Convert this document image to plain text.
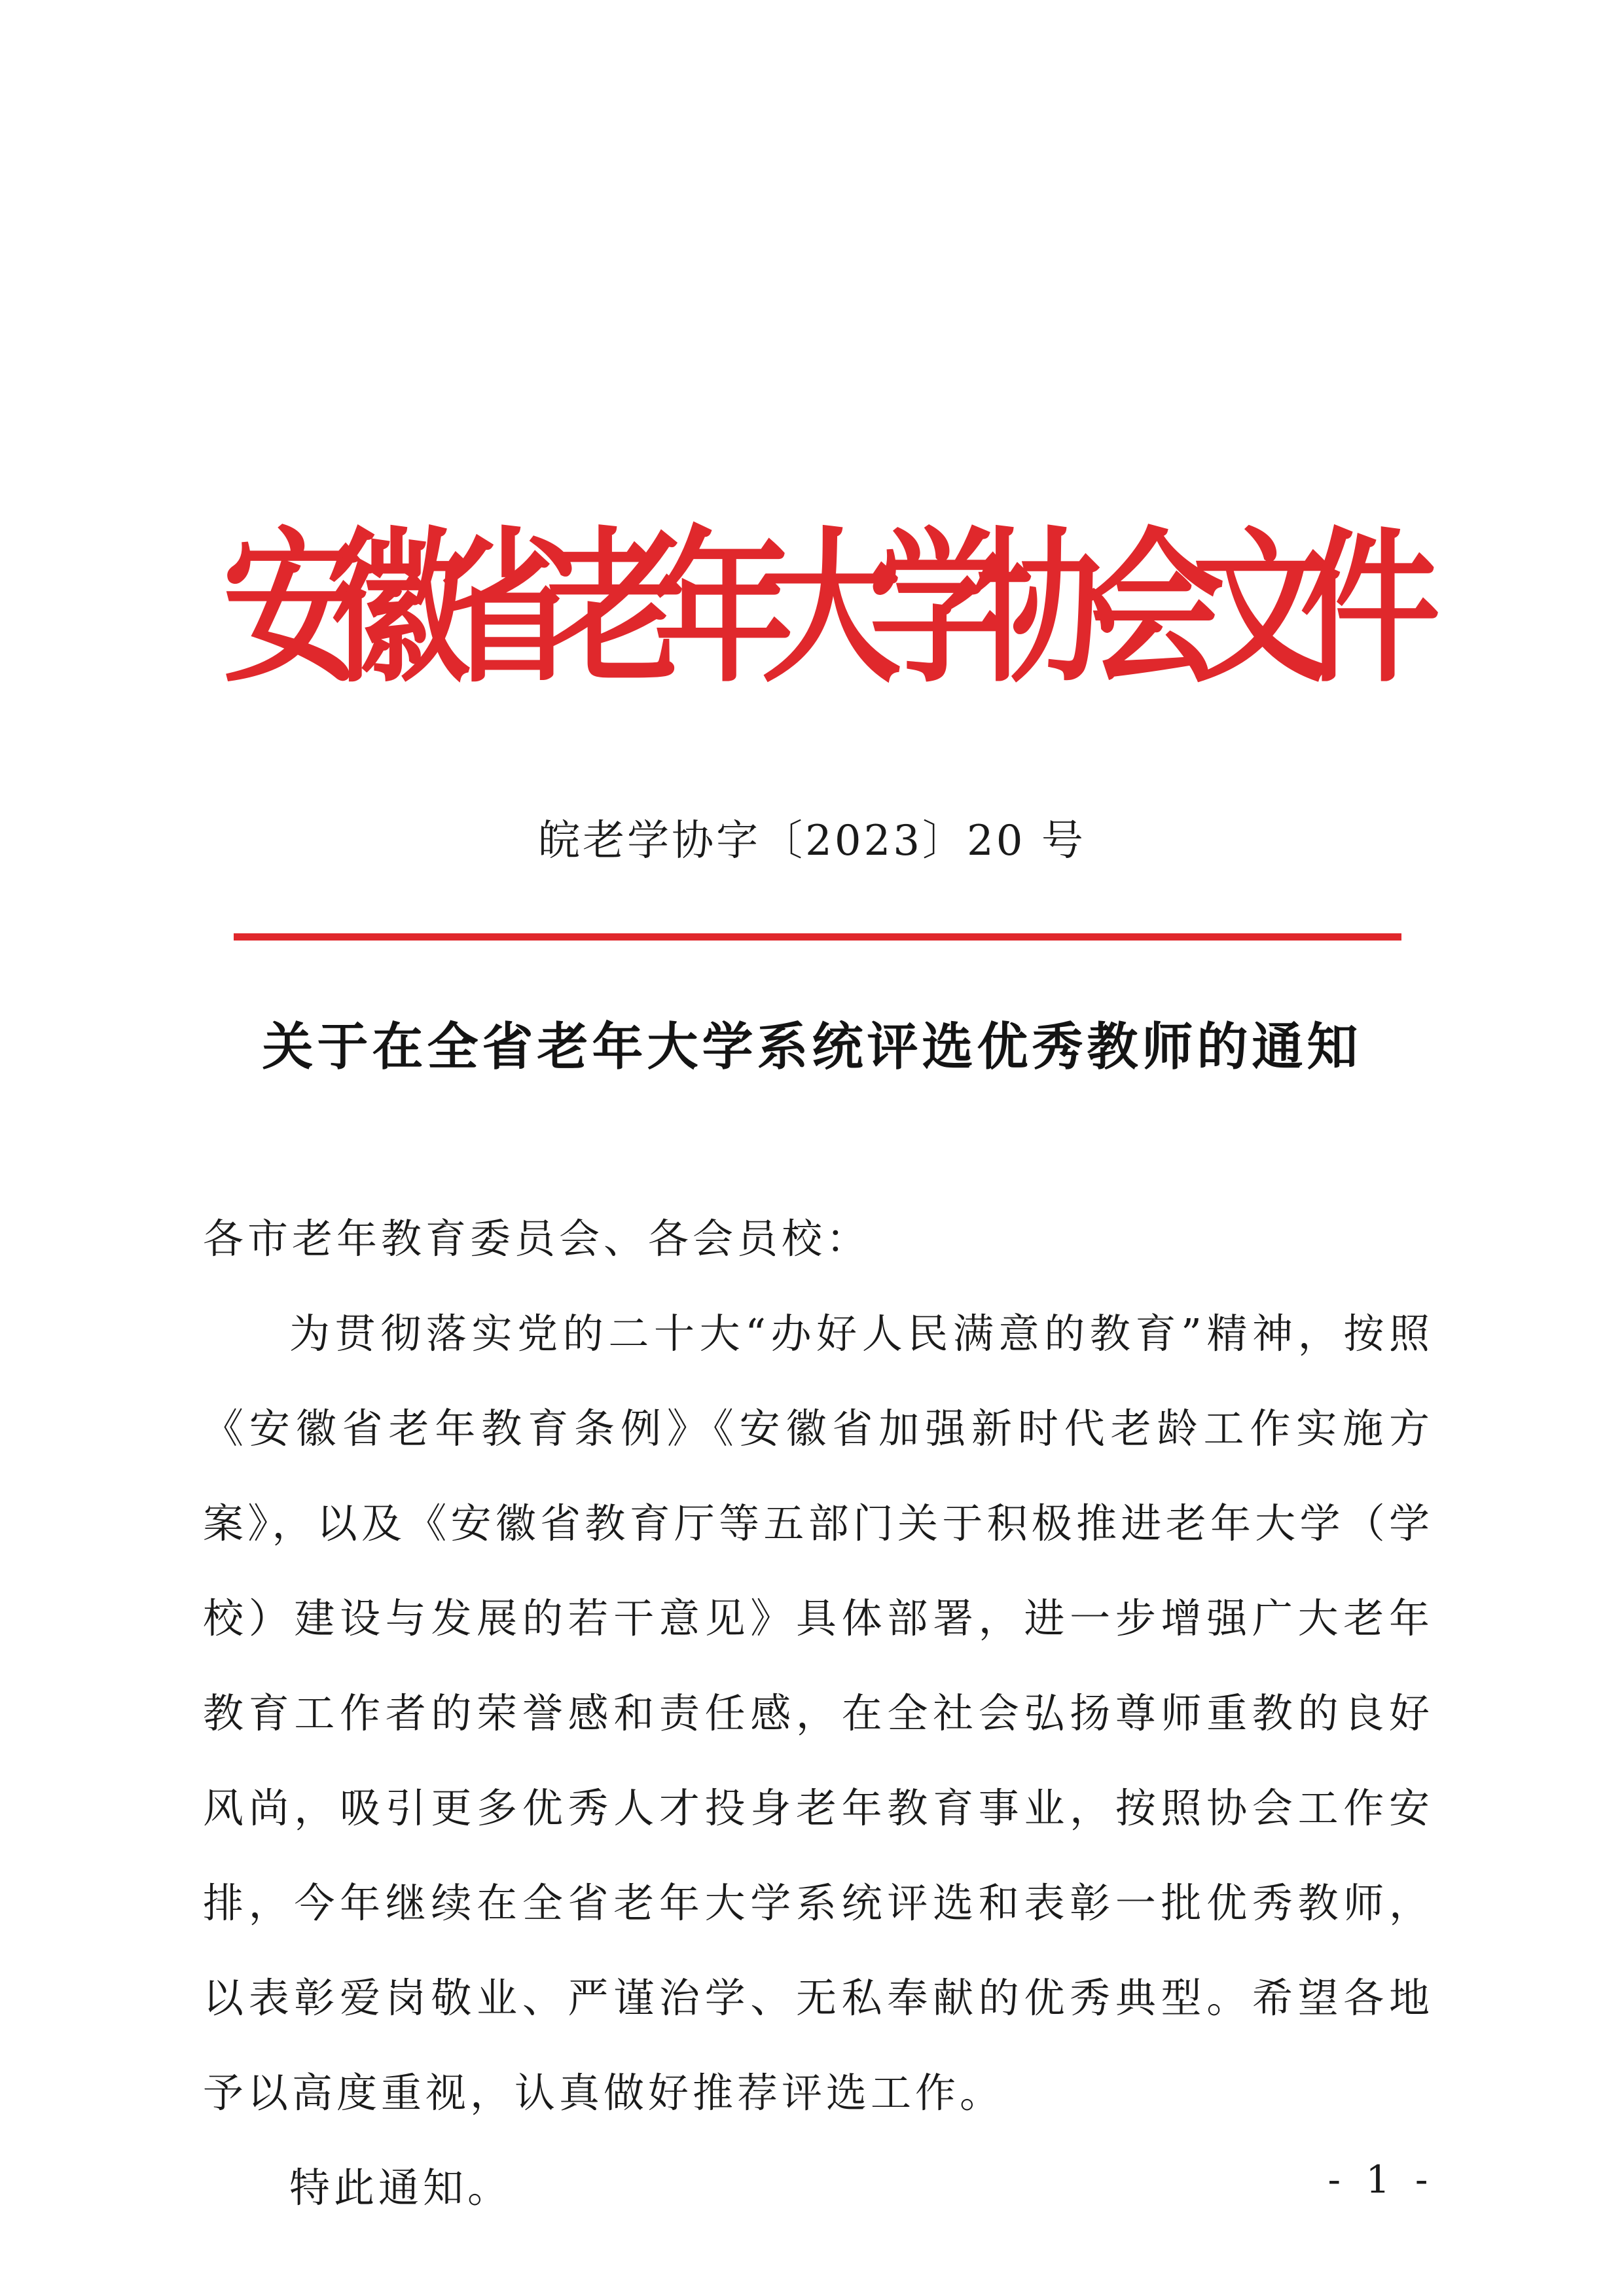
安
徽
省
老
年
大
学
协
会
文
件
皖老学协字〔2023〕20 号
关于在全省老年大学系统评选优秀教师的通知

各市老年教育委员会、各会员校：

为贯彻落实党的二十大“办好人民满意的教育”精神，按照《安徽省老年教育条例》《安徽省加强新时代老龄工作实施方案》，以及《安徽省教育厅等五部门关于积极推进老年大学（学校）建设与发展的若干意见》具体部署，进一步增强广大老年教育工作者的荣誉感和责任感，在全社会弘扬尊师重教的良好风尚，吸引更多优秀人才投身老年教育事业，按照协会工作安排，今年继续在全省老年大学系统评选和表彰一批优秀教师，以表彰爱岗敬业、严谨治学、无私奉献的优秀典型。希望各地予以高度重视，认真做好推荐评选工作。

特此通知。	- 1 -
